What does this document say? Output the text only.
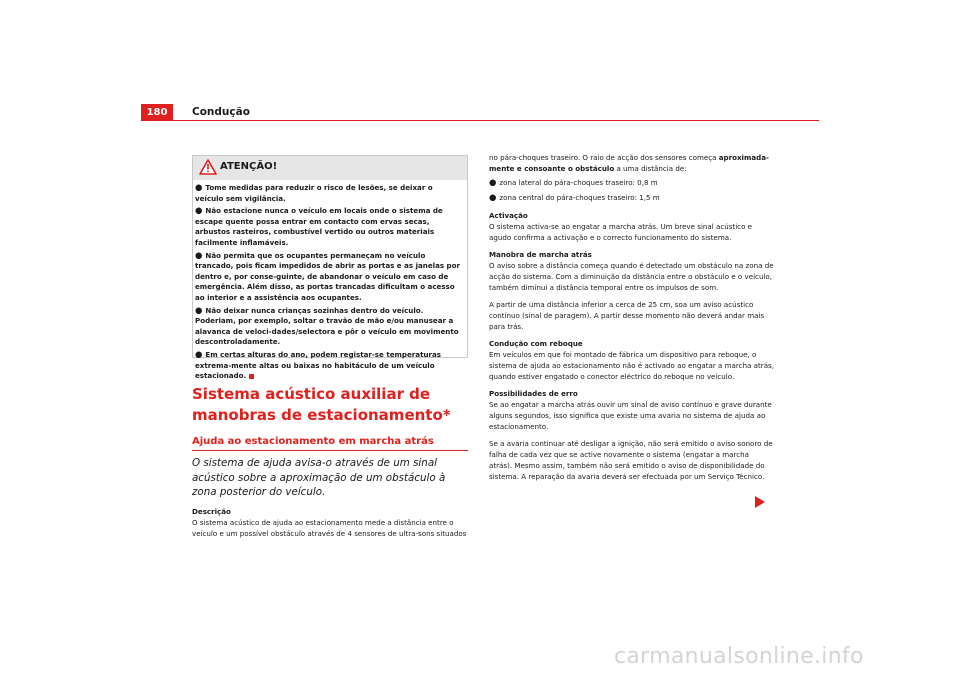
180	Condução
ATENÇÃO!
● Tome medidas para reduzir o risco de lesões, se deixar o veículo sem vigilância.
● Não estacione nunca o veículo em locais onde o sistema de escape quente possa entrar em contacto com ervas secas, arbustos rasteiros, combustível vertido ou outros materiais facilmente inflamáveis.
● Não permita que os ocupantes permaneçam no veículo trancado, pois ficam impedidos de abrir as portas e as janelas por dentro e, por conse-guinte, de abandonar o veículo em caso de emergência. Além disso, as portas trancadas dificultam o acesso ao interior e a assistência aos ocupantes.
● Não deixar nunca crianças sozinhas dentro do veículo. Poderiam, por exemplo, soltar o travão de mão e/ou manusear a alavanca de veloci-dades/selectora e pôr o veículo em movimento descontroladamente.
● Em certas alturas do ano, podem registar-se temperaturas extrema-mente altas ou baixas no habitáculo de um veículo estacionado.
Sistema acústico auxiliar de manobras de estacionamento*
Ajuda ao estacionamento em marcha atrás
O sistema de ajuda avisa-o através de um sinal acústico sobre a aproximação de um obstáculo à zona posterior do veículo.
Descrição
O sistema acústico de ajuda ao estacionamento mede a distância entre o veículo e um possível obstáculo através de 4 sensores de ultra-sons situados
no pára-choques traseiro. O raio de acção dos sensores começa aproximada-mente e consoante o obstáculo a uma distância de:
● zona lateral do pára-choques traseiro: 0,8 m
● zona central do pára-choques traseiro: 1,5 m
Activação
O sistema activa-se ao engatar a marcha atrás. Um breve sinal acústico e agudo confirma a activação e o correcto funcionamento do sistema.
Manobra de marcha atrás
O aviso sobre a distância começa quando é detectado um obstáculo na zona de acção do sistema. Com a diminuição da distância entre o obstáculo e o veículo, também diminui a distância temporal entre os impulsos de som.
A partir de uma distância inferior a cerca de 25 cm, soa um aviso acústico contínuo (sinal de paragem). A partir desse momento não deverá andar mais para trás.
Condução com reboque
Em veículos em que foi montado de fábrica um dispositivo para reboque, o sistema de ajuda ao estacionamento não é activado ao engatar a marcha atrás, quando estiver engatado o conector eléctrico do reboque no veículo.
Possibilidades de erro
Se ao engatar a marcha atrás ouvir um sinal de aviso contínuo e grave durante alguns segundos, isso significa que existe uma avaria no sistema de ajuda ao estacionamento.
Se a avaria continuar até desligar a ignição, não será emitido o aviso sonoro de falha de cada vez que se active novamente o sistema (engatar a marcha atrás). Mesmo assim, também não será emitido o aviso de disponibilidade do sistema. A reparação da avaria deverá ser efectuada por um Serviço Técnico.
carmanualsonline.info
